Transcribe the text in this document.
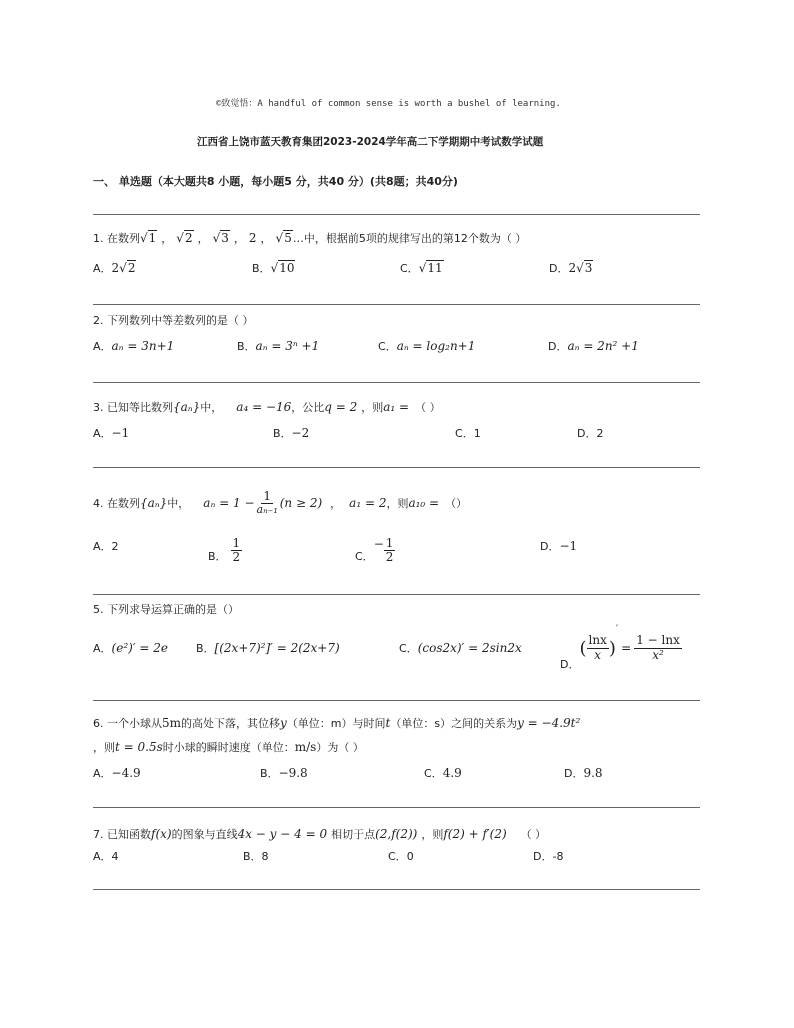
©致觉悟：A handful of common sense is worth a bushel of learning.
江西省上饶市蓝天教育集团2023-2024学年高二下学期期中考试数学试题
一、 单选题（本大题共8 小题，每小题5 分，共40 分）(共8题；共40分)
1. 在数列 √1 ， √2 ， √3 ， 2 ， √5 …中，根据前5项的规律写出的第12个数为（ ）
A． 2 √2	B． √10	C． √11	D． 2 √3
2. 下列数列中等差数列的是（ ）
A． aₙ = 3n+1	B． aₙ = 3ⁿ +1	C． aₙ = log₂n+1	D． aₙ = 2n² +1
3. 已知等比数列 {aₙ} 中， a₄ = −16 ，公比 q = 2 ，则 a₁ = （ ）
A． −1	B． −2	C． 1	D． 2
4. 在数列 {aₙ} 中， $a_n = 1 - \frac{1}{\text{aₙ₋₁}} (n \ge 2)$ ， a₁ = 2 ，则 a₁₀ = （）
A． 2
B． $\frac{1}{2}$	C．
− $\frac{1}{2}$	D． −1
5. 下列求导运算正确的是（）
A． (e²)′ = 2e	B． [(2x+7)²]′ = 2(2x+7)	C． (cos2x)′ = 2sin2x
D．
( $\frac{\ln x}{x}$ )
′
= $\frac{1 - \ln x}{\text{x²}}$
6. 一个小球从 5m 的高处下落，其位移 y （单位：m）与时间 t （单位：s）之间的关系为 y = −4.9t²
，则 t = 0.5s 时小球的瞬时速度（单位： m/s ）为（ ）
A． −4.9	B． −9.8	C． 4.9	D． 9.8
7. 已知函数 f(x) 的图象与直线 4x − y − 4 = 0 相切于点 (2,f(2)) ，则 f(2) + f′(2) （ ）
A． 4	B． 8	C． 0	D． -8
